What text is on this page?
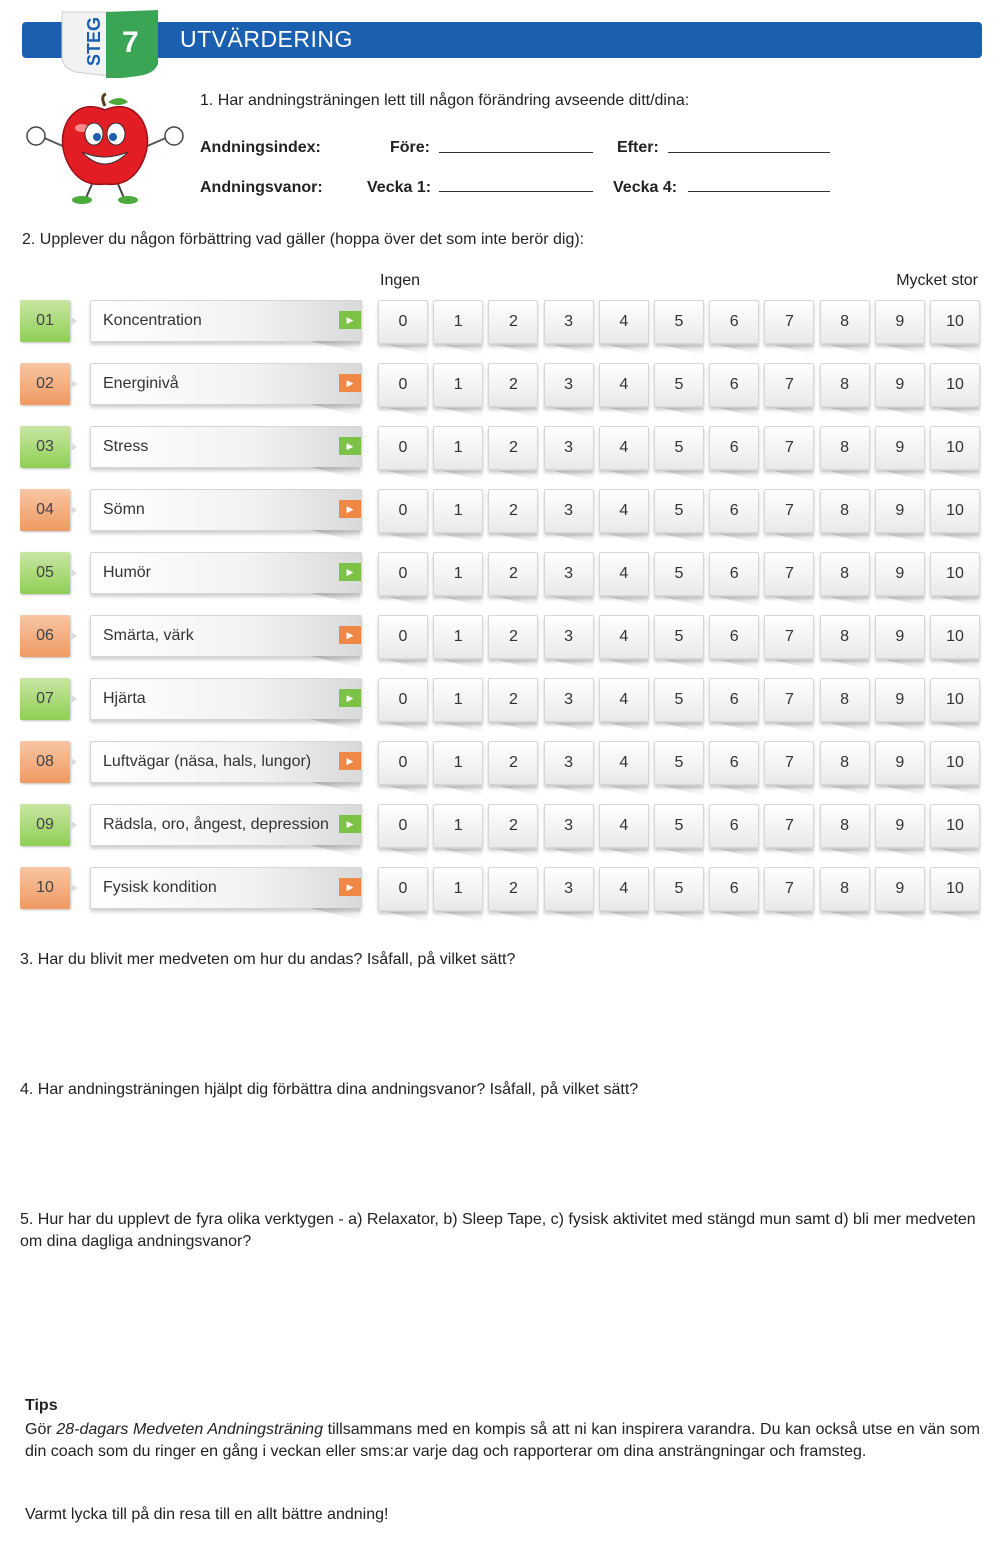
STEG 7 UTVÄRDERING
1. Har andningsträningen lett till någon förändring avseende ditt/dina:
Andningsindex:	Före:	Efter:
Andningsvanor:	Vecka 1:	Vecka 4:
2. Upplever du någon förbättring vad gäller (hoppa över det som inte berör dig):
Ingen	Mycket stor
01	Koncentration	▶	0	1	2	3	4	5	6	7	8	9	10
02	Energinivå	▶	0	1	2	3	4	5	6	7	8	9	10
03	Stress	▶	0	1	2	3	4	5	6	7	8	9	10
04	Sömn	▶	0	1	2	3	4	5	6	7	8	9	10
05	Humör	▶	0	1	2	3	4	5	6	7	8	9	10
06	Smärta, värk	▶	0	1	2	3	4	5	6	7	8	9	10
07	Hjärta	▶	0	1	2	3	4	5	6	7	8	9	10
08	Luftvägar (näsa, hals, lungor)	▶	0	1	2	3	4	5	6	7	8	9	10
09	Rädsla, oro, ångest, depression	▶	0	1	2	3	4	5	6	7	8	9	10
10	Fysisk kondition	▶	0	1	2	3	4	5	6	7	8	9	10
3. Har du blivit mer medveten om hur du andas? Isåfall, på vilket sätt?
4. Har andningsträningen hjälpt dig förbättra dina andningsvanor? Isåfall, på vilket sätt?
5. Hur har du upplevt de fyra olika verktygen - a) Relaxator, b) Sleep Tape, c) fysisk aktivitet med stängd mun samt d) bli mer medveten om dina dagliga andningsvanor?
Tips
Gör 28-dagars Medveten Andningsträning tillsammans med en kompis så att ni kan inspirera varandra. Du kan också utse en vän som din coach som du ringer en gång i veckan eller sms:ar varje dag och rapporterar om dina ansträngningar och framsteg.
Varmt lycka till på din resa till en allt bättre andning!
